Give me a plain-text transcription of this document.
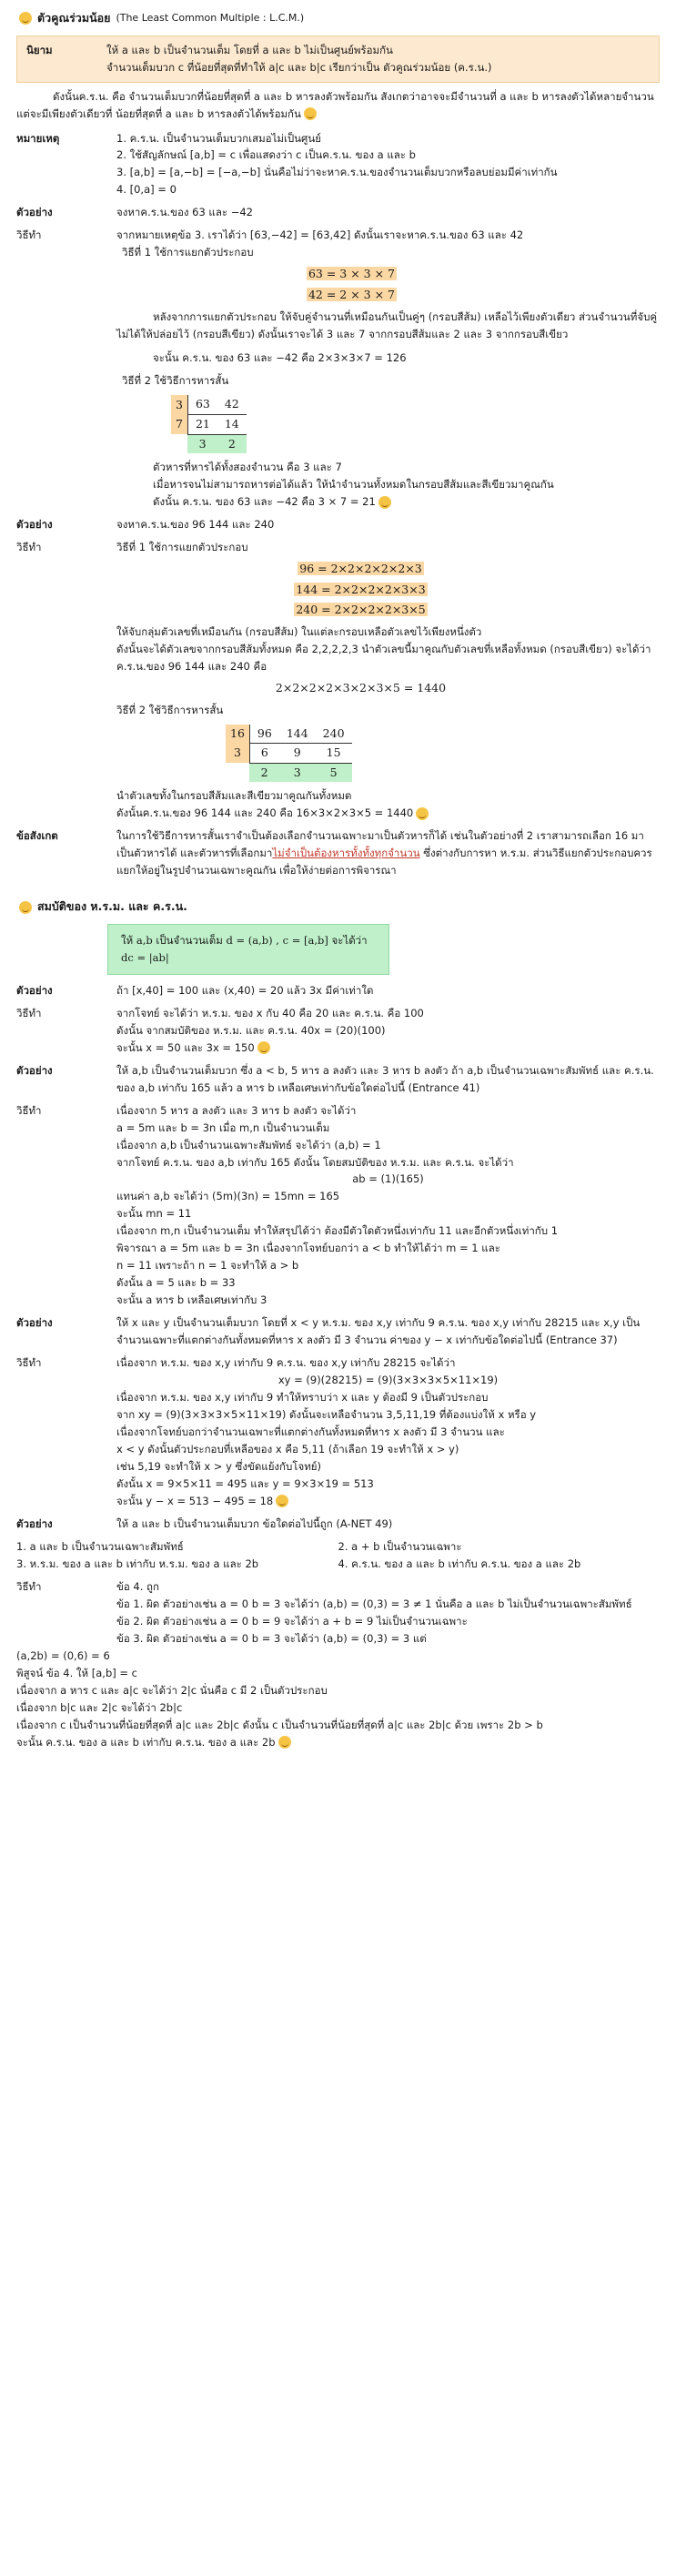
ตัวคูณร่วมน้อย (The Least Common Multiple : L.C.M.)
นิยาม	ให้ a และ b เป็นจำนวนเต็ม โดยที่ a และ b ไม่เป็นศูนย์พร้อมกัน
จำนวนเต็มบวก c ที่น้อยที่สุดที่ทำให้ a|c และ b|c เรียกว่าเป็น ตัวคูณร่วมน้อย (ค.ร.น.)
ดังนั้นค.ร.น. คือ จำนวนเต็มบวกที่น้อยที่สุดที่ a และ b หารลงตัวพร้อมกัน สังเกตว่าอาจจะมีจำนวนที่ a และ b หารลงตัวได้หลายจำนวน แต่จะมีเพียงตัวเดียวที่ น้อยที่สุดที่ a และ b หารลงตัวได้พร้อมกัน
หมายเหตุ	1. ค.ร.น. เป็นจำนวนเต็มบวกเสมอไม่เป็นศูนย์
2. ใช้สัญลักษณ์ [a,b] = c เพื่อแสดงว่า c เป็นค.ร.น. ของ a และ b
3. [a,b] = [a,−b] = [−a,−b] นั่นคือไม่ว่าจะหาค.ร.น.ของจำนวนเต็มบวกหรือลบย่อมมีค่าเท่ากัน
4. [0,a] = 0
ตัวอย่าง	จงหาค.ร.น.ของ 63 และ −42
วิธีทำ	จากหมายเหตุข้อ 3. เราได้ว่า [63,−42] = [63,42] ดังนั้นเราจะหาค.ร.น.ของ 63 และ 42
วิธีที่ 1 ใช้การแยกตัวประกอบ
63 = 3 × 3 × 7
42 = 2 × 3 × 7
หลังจากการแยกตัวประกอบ ให้จับคู่จำนวนที่เหมือนกันเป็นคู่ๆ (กรอบสีส้ม) เหลือไว้เพียงตัวเดียว ส่วนจำนวนที่จับคู่ไม่ได้ให้ปล่อยไว้ (กรอบสีเขียว) ดังนั้นเราจะได้ 3 และ 7 จากกรอบสีส้มและ 2 และ 3 จากกรอบสีเขียว
จะนั้น ค.ร.น. ของ 63 และ −42 คือ 2×3×3×7 = 126
วิธีที่ 2 ใช้วิธีการหารสั้น
3	63	42
7	21	14
	3	2
ตัวหารที่หารได้ทั้งสองจำนวน คือ 3 และ 7
เมื่อหารจนไม่สามารถหารต่อได้แล้ว ให้นำจำนวนทั้งหมดในกรอบสีส้มและสีเขียวมาคูณกัน
ดังนั้น ค.ร.น. ของ 63 และ −42 คือ 3 × 7 = 21
ตัวอย่าง	จงหาค.ร.น.ของ 96 144 และ 240
วิธีทำ	วิธีที่ 1 ใช้การแยกตัวประกอบ
96 = 2×2×2×2×2×3
144 = 2×2×2×2×3×3
240 = 2×2×2×2×3×5
ให้จับกลุ่มตัวเลขที่เหมือนกัน (กรอบสีส้ม) ในแต่ละกรอบเหลือตัวเลขไว้เพียงหนึ่งตัว
ดังนั้นจะได้ตัวเลขจากกรอบสีส้มทั้งหมด คือ 2,2,2,2,3 นำตัวเลขนี้มาคูณกับตัวเลขที่เหลือทั้งหมด (กรอบสีเขียว) จะได้ว่า ค.ร.น.ของ 96 144 และ 240 คือ
2×2×2×2×3×2×3×5 = 1440
วิธีที่ 2 ใช้วิธีการหารสั้น
16	96	144	240
3	6	9	15
	2	3	5
นำตัวเลขทั้งในกรอบสีส้มและสีเขียวมาคูณกันทั้งหมด
ดังนั้นค.ร.น.ของ 96 144 และ 240 คือ 16×3×2×3×5 = 1440
ข้อสังเกต	ในการใช้วิธีการหารสั้นเราจำเป็นต้องเลือกจำนวนเฉพาะมาเป็นตัวหารก็ได้ เช่นในตัวอย่างที่ 2 เราสามารถเลือก 16 มาเป็นตัวหารได้ และตัวหารที่เลือกมาไม่จำเป็นต้องหารทั้งทั้งทุกจำนวน ซึ่งต่างกับการหา ห.ร.ม. ส่วนวิธีแยกตัวประกอบควรแยกให้อยู่ในรูปจำนวนเฉพาะคูณกัน เพื่อให้ง่ายต่อการพิจารณา
สมบัติของ ห.ร.ม. และ ค.ร.น.
ให้ a,b เป็นจำนวนเต็ม d = (a,b) , c = [a,b] จะได้ว่า dc = |ab|
ตัวอย่าง	ถ้า [x,40] = 100 และ (x,40) = 20 แล้ว 3x มีค่าเท่าใด
วิธีทำ	จากโจทย์ จะได้ว่า ห.ร.ม. ของ x กับ 40 คือ 20 และ ค.ร.น. คือ 100
ดังนั้น จากสมบัติของ ห.ร.ม. และ ค.ร.น. 40x = (20)(100)
จะนั้น x = 50 และ 3x = 150
ตัวอย่าง	ให้ a,b เป็นจำนวนเต็มบวก ซึ่ง a < b, 5 หาร a ลงตัว และ 3 หาร b ลงตัว ถ้า a,b เป็นจำนวนเฉพาะสัมพัทธ์ และ ค.ร.น. ของ a,b เท่ากับ 165 แล้ว a หาร b เหลือเศษเท่ากับข้อใดต่อไปนี้ (Entrance 41)
วิธีทำ	เนื่องจาก 5 หาร a ลงตัว และ 3 หาร b ลงตัว จะได้ว่า
a = 5m และ b = 3n เมื่อ m,n เป็นจำนวนเต็ม
เนื่องจาก a,b เป็นจำนวนเฉพาะสัมพัทธ์ จะได้ว่า (a,b) = 1
จากโจทย์ ค.ร.น. ของ a,b เท่ากับ 165 ดังนั้น โดยสมบัติของ ห.ร.ม. และ ค.ร.น. จะได้ว่า
ab = (1)(165)
แทนค่า a,b จะได้ว่า (5m)(3n) = 15mn = 165
จะนั้น mn = 11
เนื่องจาก m,n เป็นจำนวนเต็ม ทำให้สรุปได้ว่า ต้องมีตัวใดตัวหนึ่งเท่ากับ 11 และอีกตัวหนึ่งเท่ากับ 1
พิจารณา a = 5m และ b = 3n เนื่องจากโจทย์บอกว่า a < b ทำให้ได้ว่า m = 1 และ
n = 11 เพราะถ้า n = 1 จะทำให้ a > b
ดังนั้น a = 5 และ b = 33
จะนั้น a หาร b เหลือเศษเท่ากับ 3
ตัวอย่าง	ให้ x และ y เป็นจำนวนเต็มบวก โดยที่ x < y ห.ร.ม. ของ x,y เท่ากับ 9 ค.ร.น. ของ x,y เท่ากับ 28215 และ x,y เป็นจำนวนเฉพาะที่แตกต่างกันทั้งหมดที่หาร x ลงตัว มี 3 จำนวน ค่าของ y − x เท่ากับข้อใดต่อไปนี้ (Entrance 37)
วิธีทำ	เนื่องจาก ห.ร.ม. ของ x,y เท่ากับ 9 ค.ร.น. ของ x,y เท่ากับ 28215 จะได้ว่า
xy = (9)(28215) = (9)(3×3×3×5×11×19)
เนื่องจาก ห.ร.ม. ของ x,y เท่ากับ 9 ทำให้ทราบว่า x และ y ต้องมี 9 เป็นตัวประกอบ
จาก xy = (9)(3×3×3×5×11×19) ดังนั้นจะเหลือจำนวน 3,5,11,19 ที่ต้องแบ่งให้ x หรือ y
เนื่องจากโจทย์บอกว่าจำนวนเฉพาะที่แตกต่างกันทั้งหมดที่หาร x ลงตัว มี 3 จำนวน และ
x < y ดังนั้นตัวประกอบที่เหลือของ x คือ 5,11 (ถ้าเลือก 19 จะทำให้ x > y)
เช่น 5,19 จะทำให้ x > y ซึ่งขัดแย้งกับโจทย์)
ดังนั้น x = 9×5×11 = 495 และ y = 9×3×19 = 513
จะนั้น y − x = 513 − 495 = 18
ตัวอย่าง	ให้ a และ b เป็นจำนวนเต็มบวก ข้อใดต่อไปนี้ถูก (A-NET 49)
1. a และ b เป็นจำนวนเฉพาะสัมพัทธ์	2. a + b เป็นจำนวนเฉพาะ
3. ห.ร.ม. ของ a และ b เท่ากับ ห.ร.ม. ของ a และ 2b	4. ค.ร.น. ของ a และ b เท่ากับ ค.ร.น. ของ a และ 2b
วิธีทำ	ข้อ 4. ถูก
ข้อ 1. ผิด ตัวอย่างเช่น a = 0 b = 3 จะได้ว่า (a,b) = (0,3) = 3 ≠ 1 นั่นคือ a และ b ไม่เป็นจำนวนเฉพาะสัมพัทธ์
ข้อ 2. ผิด ตัวอย่างเช่น a = 0 b = 9 จะได้ว่า a + b = 9 ไม่เป็นจำนวนเฉพาะ
ข้อ 3. ผิด ตัวอย่างเช่น a = 0 b = 3 จะได้ว่า (a,b) = (0,3) = 3 แต่
(a,2b) = (0,6) = 6
พิสูจน์ ข้อ 4. ให้ [a,b] = c
เนื่องจาก a หาร c และ a|c จะได้ว่า 2|c นั่นคือ c มี 2 เป็นตัวประกอบ
เนื่องจาก b|c และ 2|c จะได้ว่า 2b|c
เนื่องจาก c เป็นจำนวนที่น้อยที่สุดที่ a|c และ 2b|c ดังนั้น c เป็นจำนวนที่น้อยที่สุดที่ a|c และ 2b|c ด้วย เพราะ 2b > b
จะนั้น ค.ร.น. ของ a และ b เท่ากับ ค.ร.น. ของ a และ 2b
